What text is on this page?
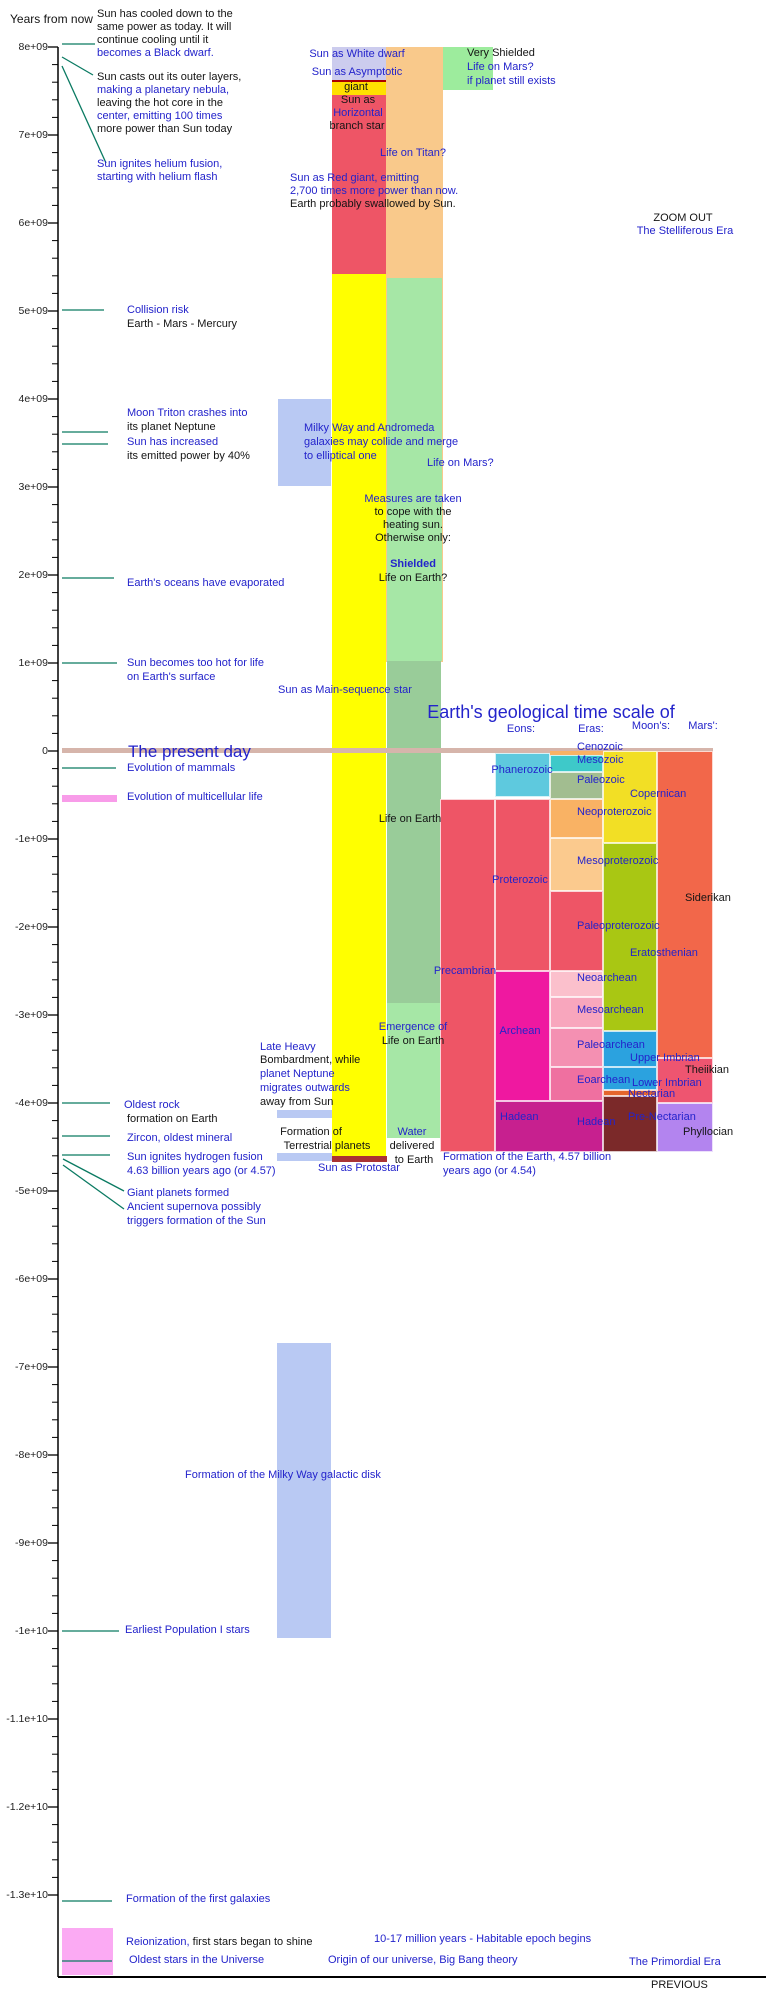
Years from now Sun has cooled down to the
same power as today. It will
continue cooling until it
becomes a Black dwarf.
Sun casts out its outer layers,
making a planetary nebula,
leaving the hot core in the
center, emitting 100 times
more power than Sun today
Sun ignites helium fusion,
starting with helium flash
Sun as White dwarf
Sun as Asymptotic
giant
Sun as
Horizontal
branch star
Life on Titan?
Sun as Red giant, emitting
2,700 times more power than now.
Earth probably swallowed by Sun.
Very Shielded
Life on Mars?
if planet still exists
ZOOM OUT
The Stelliferous Era
Collision risk
Earth - Mars - Mercury
Moon Triton crashes into
its planet Neptune
Sun has increased
its emitted power by 40%
Milky Way and Andromeda
galaxies may collide and merge
to elliptical one
Life on Mars?
Measures are taken
to cope with the
heating sun.
Otherwise only:
Shielded
Life on Earth?
Earth's oceans have evaporated
Sun becomes too hot for life
on Earth's surface
Sun as Main-sequence star
Earth's geological time scale of
Eons:	Eras:	Moon's: Mars':
The present day
Evolution of mammals
Evolution of multicellular life
Life on Earth
Phanerozoic
Cenozoic
Mesozoic
Paleozoic
Copernican
Neoproterozoic
Mesoproterozoic
Proterozoic
Siderikan
Paleoproterozoic
Eratosthenian
Precambrian
Neoarchean
Mesoarchean
Archean
Paleoarchean
Upper Imbrian
Theiikian
Eoarchean Lower Imbrian
Nectarian
Hadean	Hadean Pre-Nectarian
Phyllocian
Emergence of
Life on Earth
Late Heavy
Bombardment, while
planet Neptune
migrates outwards
away from Sun
Oldest rock
formation on Earth
Zircon, oldest mineral
Sun ignites hydrogen fusion
4.63 billion years ago (or 4.57)
Giant planets formed
Ancient supernova possibly
triggers formation of the Sun
Formation of
Terrestrial planets
Water
delivered
to Earth
Sun as Protostar
Formation of the Earth, 4.57 billion
years ago (or 4.54)
Formation of the Milky Way galactic disk
Earliest Population I stars
Formation of the first galaxies
Reionization, first stars began to shine	10-17 million years - Habitable epoch begins
Oldest stars in the Universe	Origin of our universe, Big Bang theory	The Primordial Era
PREVIOUS
8e+09
7e+09
6e+09
5e+09
4e+09
3e+09
2e+09
1e+09
0
-1e+09
-2e+09
-3e+09
-4e+09
-5e+09
-6e+09
-7e+09
-8e+09
-9e+09
-1e+10
-1.1e+10
-1.2e+10
-1.3e+10
